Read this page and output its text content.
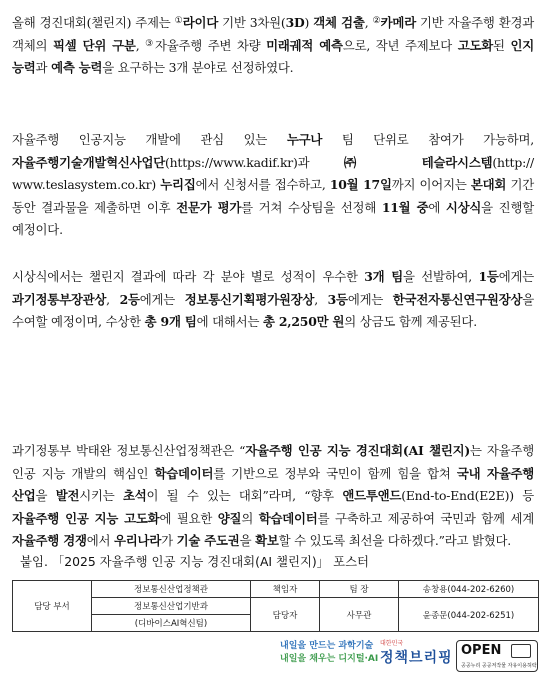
올해 경진대회(챌린지) 주제는 ①라이다 기반 3차원(3D) 객체 검출, ②카메라 기반 자율주행 환경과 객체의 픽셀 단위 구분, ③자율주행 주변 차량 미래궤적 예측으로, 작년 주제보다 고도화된 인지 능력과 예측 능력을 요구하는 3개 분야로 선정하였다.
자율주행 인공지능 개발에 관심 있는 누구나 팀 단위로 참여가 가능하며, 자율주행기술개발혁신사업단(https://www.kadif.kr)과 ㈜ 테슬라시스템(http:// www.teslasystem.co.kr) 누리집에서 신청서를 접수하고, 10월 17일까지 이어지는 본대회 기간 동안 결과물을 제출하면 이후 전문가 평가를 거쳐 수상팀을 선정해 11월 중에 시상식을 진행할 예정이다.
시상식에서는 챌린지 결과에 따라 각 분야 별로 성적이 우수한 3개 팀을 선발하여, 1등에게는 과기정통부장관상, 2등에게는 정보통신기획평가원장상, 3등에게는 한국전자통신연구원장상을 수여할 예정이며, 수상한 총 9개 팀에 대해서는 총 2,250만 원의 상금도 함께 제공된다.
과기정통부 박태완 정보통신산업정책관은 “자율주행 인공 지능 경진대회(AI 챌린지)는 자율주행 인공 지능 개발의 핵심인 학습데이터를 기반으로 정부와 국민이 함께 힘을 합쳐 국내 자율주행 산업을 발전시키는 초석이 될 수 있는 대회”라며, “향후 앤드투앤드(End-to-End(E2E)) 등 자율주행 인공 지능 고도화에 필요한 양질의 학습데이터를 구축하고 제공하여 국민과 함께 세계 자율주행 경쟁에서 우리나라가 기술 주도권을 확보할 수 있도록 최선을 다하겠다.”라고 밝혔다.
붙임. 「2025 자율주행 인공 지능 경진대회(AI 챌린지)」 포스터
담당 부서	정보통신산업정책관	책임자	팀 장	송창용(044-202-6260)
	정보통신산업기반과	담당자	사무관	윤종문(044-202-6251)
	(디바이스AI혁신팀)			
내일을 만드는 과학기술
내일을 채우는 디지털·AI
대한민국
정책브리핑 OPEN
공공누리 공공저작물 자유이용허락
